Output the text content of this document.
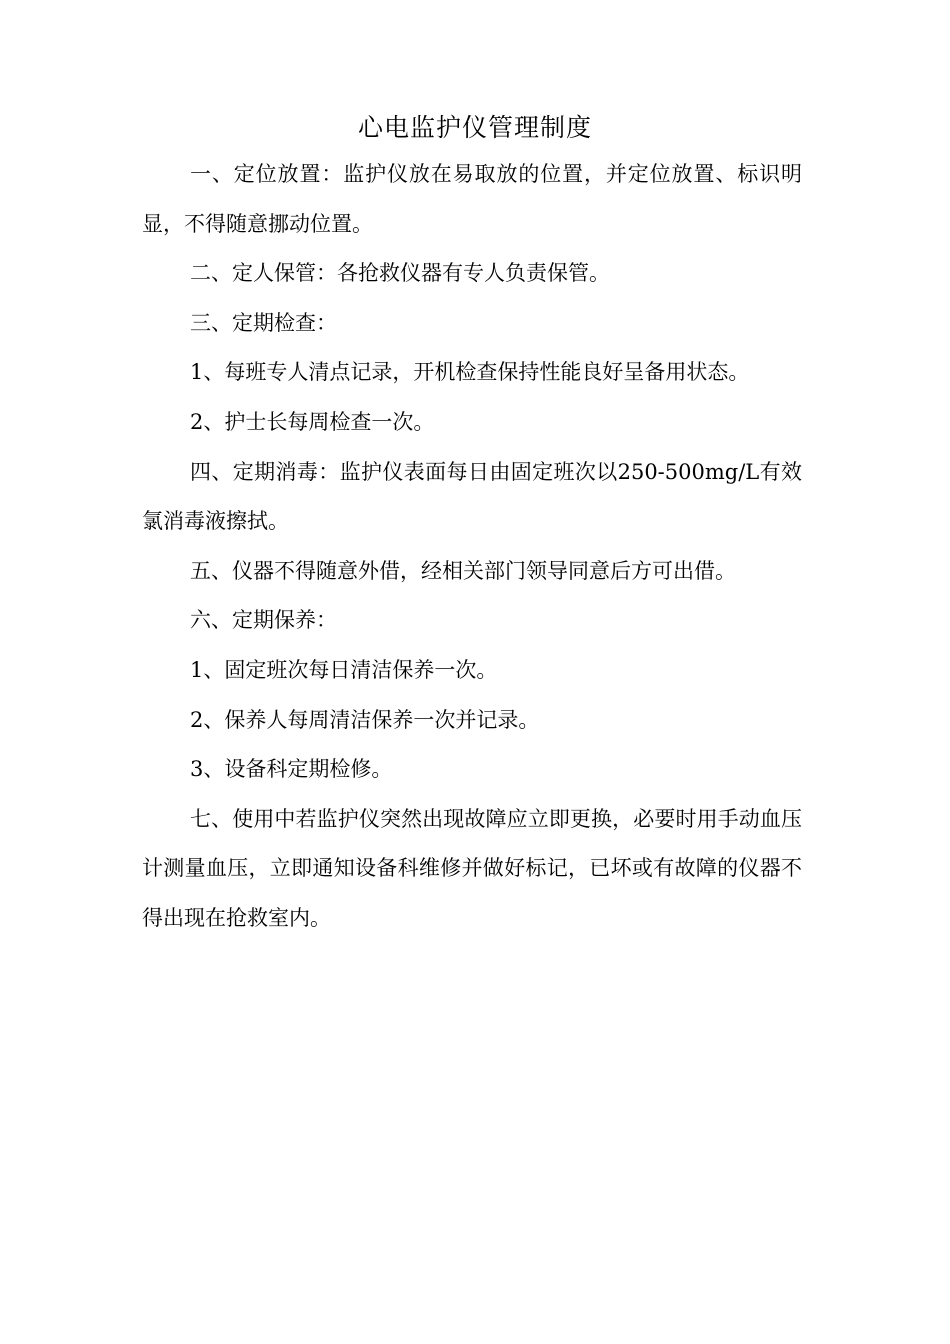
心电监护仪管理制度

一、定位放置：监护仪放在易取放的位置，并定位放置、标识明显，不得随意挪动位置。

二、定人保管：各抢救仪器有专人负责保管。

三、定期检查：

1、每班专人清点记录，开机检查保持性能良好呈备用状态。

2、护士长每周检查一次。

四、定期消毒：监护仪表面每日由固定班次以250-500mg/L有效氯消毒液擦拭。

五、仪器不得随意外借，经相关部门领导同意后方可出借。

六、定期保养：

1、固定班次每日清洁保养一次。

2、保养人每周清洁保养一次并记录。

3、设备科定期检修。

七、使用中若监护仪突然出现故障应立即更换，必要时用手动血压计测量血压，立即通知设备科维修并做好标记，已坏或有故障的仪器不得出现在抢救室内。
